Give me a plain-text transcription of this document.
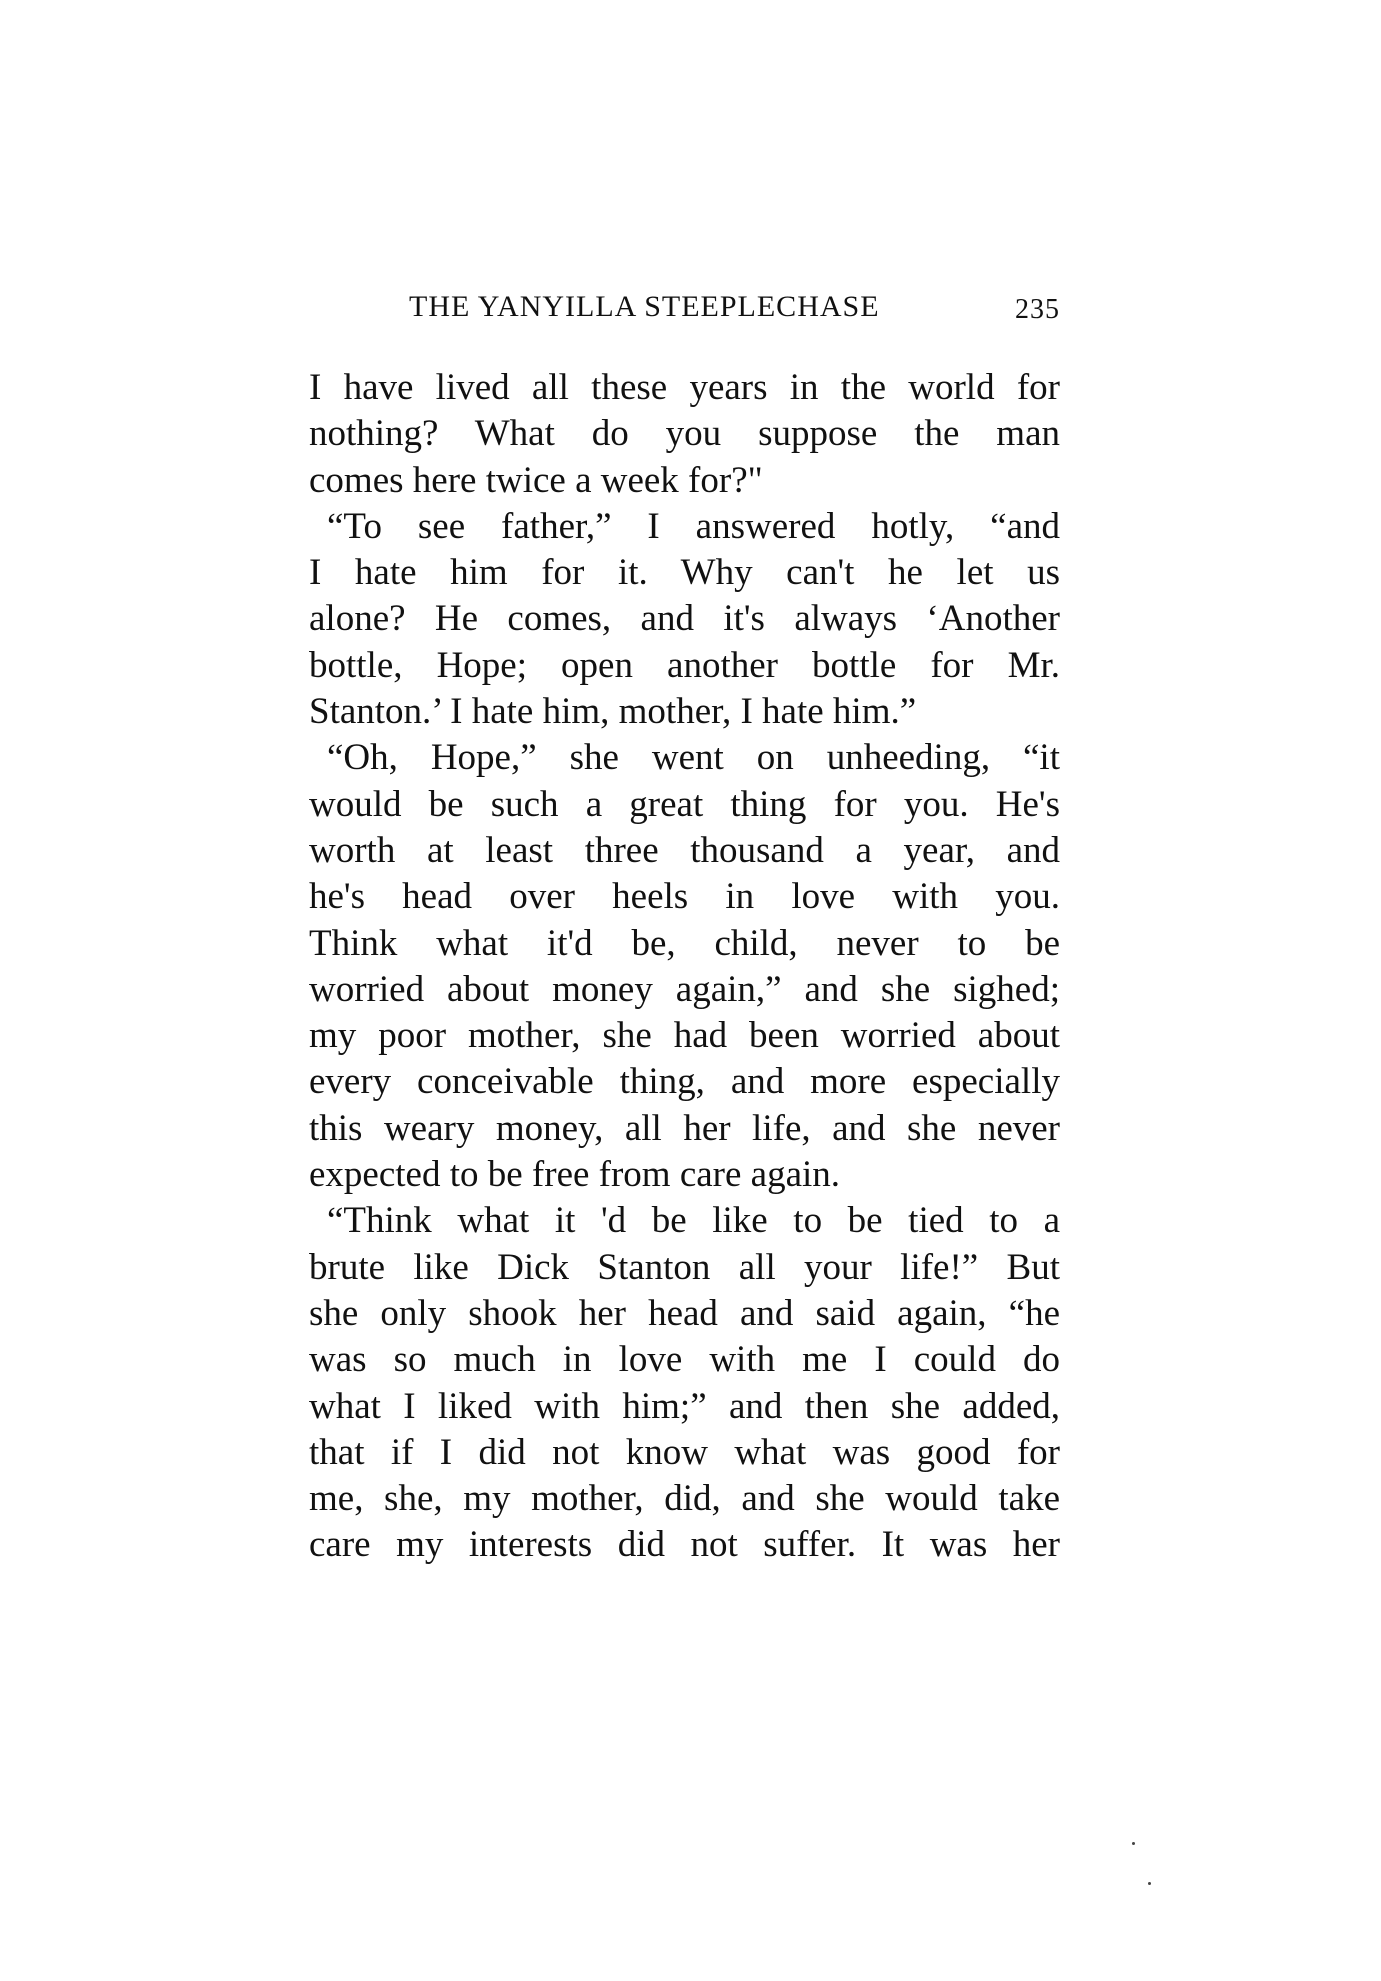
THE YANYILLA STEEPLECHASE	235
I have lived all these years in the world for
nothing? What do you suppose the man
comes here twice a week for?"
“To see father,” I answered hotly, “and
I hate him for it. Why can't he let us
alone? He comes, and it's always ‘Another
bottle, Hope; open another bottle for Mr.
Stanton.’ I hate him, mother, I hate him.”
“Oh, Hope,” she went on unheeding, “it
would be such a great thing for you. He's
worth at least three thousand a year, and
he's head over heels in love with you.
Think what it'd be, child, never to be
worried about money again,” and she sighed;
my poor mother, she had been worried about
every conceivable thing, and more especially
this weary money, all her life, and she never
expected to be free from care again.
“Think what it 'd be like to be tied to a
brute like Dick Stanton all your life!” But
she only shook her head and said again, “he
was so much in love with me I could do
what I liked with him;” and then she added,
that if I did not know what was good for
me, she, my mother, did, and she would take
care my interests did not suffer. It was her
